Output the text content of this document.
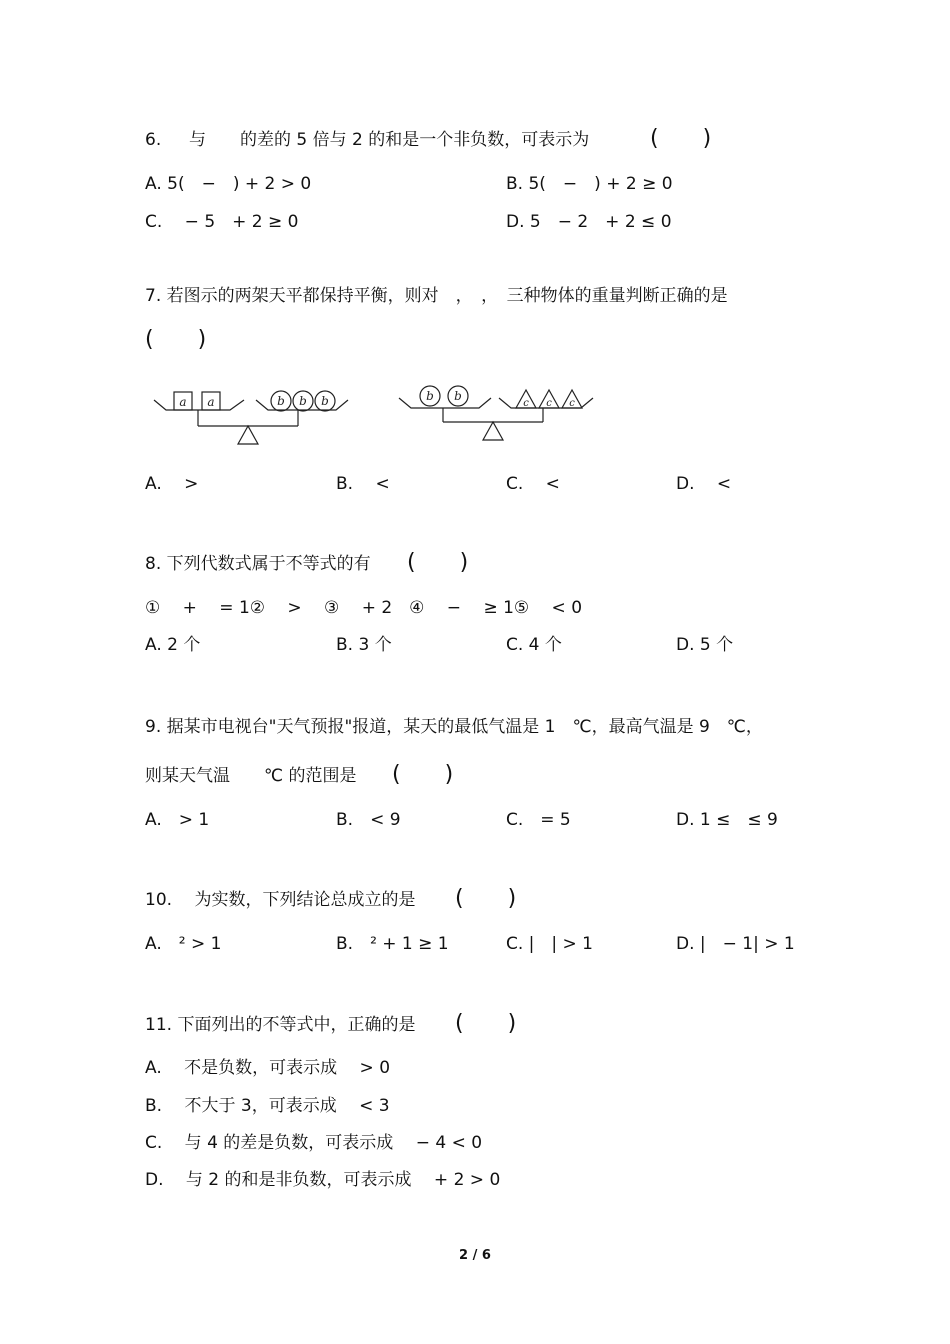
6.  　与　　的差的 5 倍与 2 的和是一个非负数，可表示为	(　　)
A. 5(　−　) + 2 > 0	B. 5(　−　) + 2 ≥ 0
C. 　− 5　+ 2 ≥ 0	D. 5　− 2　+ 2 ≤ 0
7. 若图示的两架天平都保持平衡，则对　，　，　三种物体的重量判断正确的是
(　　)
a a	b b b	b b
c c c
A.　 >	B.　 <	C.　 <	D.　 <
8. 下列代数式属于不等式的有 (　　)
①　 +　 = 1②　 >　 ③　 + 2　④　 −　 ≥ 1⑤　 < 0
A. 2 个	B. 3 个	C. 4 个	D. 5 个
9. 据某市电视台"天气预报"报道，某天的最低气温是 1　℃，最高气温是 9　℃，
则某天气温　　℃ 的范围是 (　　)
A.　> 1	B.　< 9	C.　= 5	D. 1 ≤　≤ 9
10. 　为实数，下列结论总成立的是 (　　)
A.　² > 1	B.　² + 1 ≥ 1	C. |　| > 1	D. |　− 1| > 1
11. 下面列出的不等式中，正确的是 (　　)
A.　 不是负数，可表示成　 > 0
B.　 不大于 3，可表示成　 < 3
C.　 与 4 的差是负数，可表示成　 − 4 < 0
D.　 与 2 的和是非负数，可表示成　 + 2 > 0
2 / 6
